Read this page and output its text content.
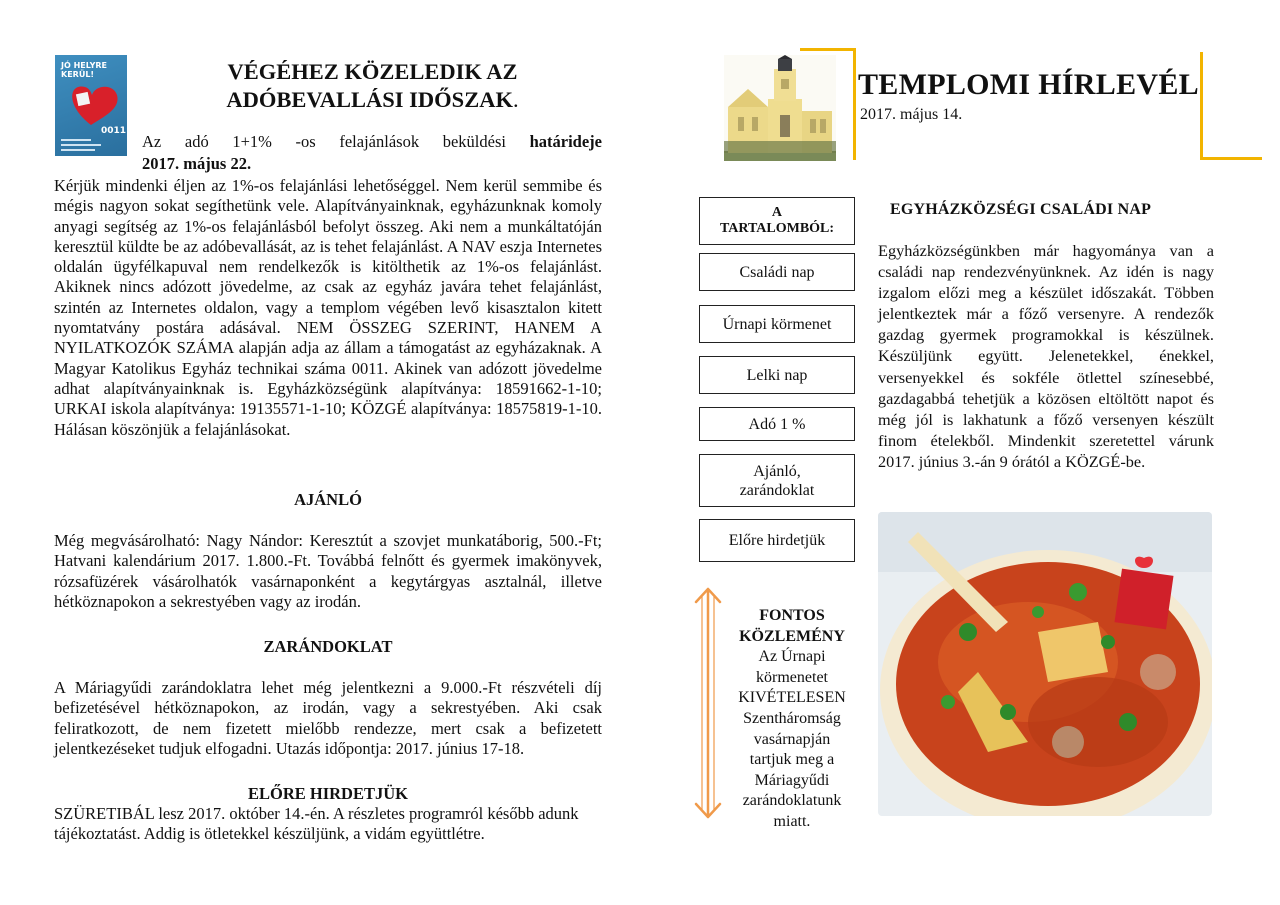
JÓ HELYRE
KERÜL!
0011
VÉGÉHEZ KÖZELEDIK AZ
ADÓBEVALLÁSI IDŐSZAK.
Az adó 1+1% -os felajánlások beküldési határideje
2017. május 22.
Kérjük mindenki éljen az 1%-os felajánlási lehetőséggel. Nem kerül semmibe és mégis nagyon sokat segíthetünk vele. Alapítványainknak, egyházunknak komoly anyagi segítség az 1%-os felajánlásból befolyt összeg. Aki nem a munkáltatóján keresztül küldte be az adóbevallását, az is tehet felajánlást. A NAV eszja Internetes oldalán ügyfélkapuval nem rendelkezők is kitölthetik az 1%-os felajánlást. Akiknek nincs adózott jövedelme, az csak az egyház javára tehet felajánlást, szintén az Internetes oldalon, vagy a templom végében levő kisasztalon kitett nyomtatvány postára adásával. NEM ÖSSZEG SZERINT, HANEM A NYILATKOZÓK SZÁMA alapján adja az állam a támogatást az egyházaknak. A Magyar Katolikus Egyház technikai száma 0011. Akinek van adózott jövedelme adhat alapítványainknak is. Egyházközségünk alapítványa: 18591662-1-10; URKAI iskola alapítványa: 19135571-1-10; KÖZGÉ alapítványa: 18575819-1-10. Hálásan köszönjük a felajánlásokat.
AJÁNLÓ
Még megvásárolható: Nagy Nándor: Keresztút a szovjet munkatáborig, 500.-Ft; Hatvani kalendárium 2017. 1.800.-Ft. Továbbá felnőtt és gyermek imakönyvek, rózsafüzérek vásárolhatók vasárnaponként a kegytárgyas asztalnál, illetve hétköznapokon a sekrestyében vagy az irodán.
ZARÁNDOKLAT
A Máriagyűdi zarándoklatra lehet még jelentkezni a 9.000.-Ft részvételi díj befizetésével hétköznapokon, az irodán, vagy a sekrestyében. Aki csak feliratkozott, de nem fizetett mielőbb rendezze, mert csak a befizetett jelentkezéseket tudjuk elfogadni. Utazás időpontja: 2017. június 17-18.
ELŐRE HIRDETJÜK
SZÜRETIBÁL lesz 2017. október 14.-én. A részletes programról később adunk tájékoztatást. Addig is ötletekkel készüljünk, a vidám együttlétre.
TEMPLOMI HÍRLEVÉL
2017. május 14.
A
TARTALOMBÓL:
Családi nap
Úrnapi körmenet
Lelki nap
Adó 1 %
Ajánló,
zarándoklat
Előre hirdetjük
FONTOS
KÖZLEMÉNY
Az Úrnapi
körmenetet
KIVÉTELESEN
Szentháromság
vasárnapján
tartjuk meg a
Máriagyűdi
zarándoklatunk
miatt.
EGYHÁZKÖZSÉGI CSALÁDI NAP
Egyházközségünkben már hagyománya van a családi nap rendezvényünknek. Az idén is nagy izgalom előzi meg a készület időszakát. Többen jelentkeztek már a főző versenyre. A rendezők gazdag gyermek programokkal is készülnek. Készüljünk együtt. Jelenetekkel, énekkel, versenyekkel és sokféle ötlettel színesebbé, gazdagabbá tehetjük a közösen eltöltött napot és még jól is lakhatunk a főző versenyen készült finom ételekből. Mindenkit szeretettel várunk 2017. június 3.-án 9 órától a KÖZGÉ-be.
